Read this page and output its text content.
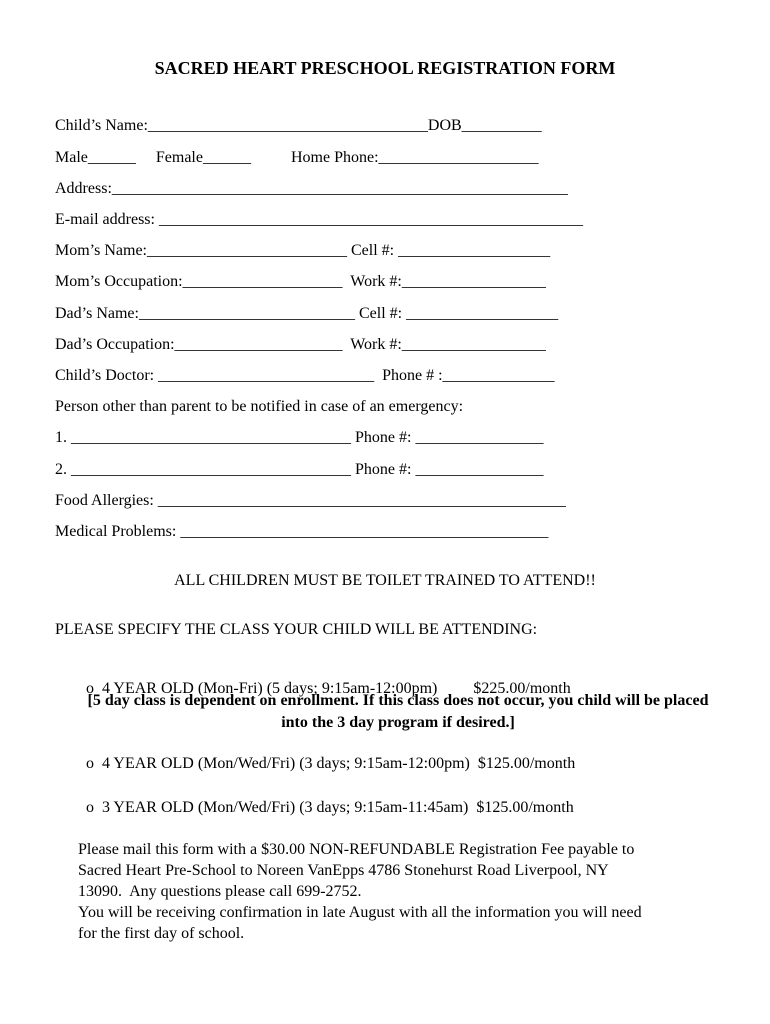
SACRED HEART PRESCHOOL REGISTRATION FORM
Child’s Name:___________________________________DOB__________
Male______     Female______          Home Phone:____________________
Address:_________________________________________________________
E-mail address: _____________________________________________________
Mom’s Name:_________________________ Cell #: ___________________
Mom’s Occupation:____________________  Work #:__________________
Dad’s Name:___________________________ Cell #: ___________________
Dad’s Occupation:_____________________  Work #:__________________
Child’s Doctor: ___________________________  Phone # :______________
Person other than parent to be notified in case of an emergency:
1. ___________________________________ Phone #: ________________
2. ___________________________________ Phone #: ________________
Food Allergies: ___________________________________________________
Medical Problems: ______________________________________________
ALL CHILDREN MUST BE TOILET TRAINED TO ATTEND!!
PLEASE SPECIFY THE CLASS YOUR CHILD WILL BE ATTENDING:

o 4 YEAR OLD (Mon-Fri) (5 days; 9:15am-12:00pm)         $225.00/month

[5 day class is dependent on enrollment. If this class does not occur, you child will be placed into the 3 day program if desired.]

o 4 YEAR OLD (Mon/Wed/Fri) (3 days; 9:15am-12:00pm)  $125.00/month

o 3 YEAR OLD (Mon/Wed/Fri) (3 days; 9:15am-11:45am)  $125.00/month

Please mail this form with a $30.00 NON-REFUNDABLE Registration Fee payable to
Sacred Heart Pre-School to Noreen VanEpps 4786 Stonehurst Road Liverpool, NY
13090.  Any questions please call 699-2752.
You will be receiving confirmation in late August with all the information you will need
for the first day of school.
